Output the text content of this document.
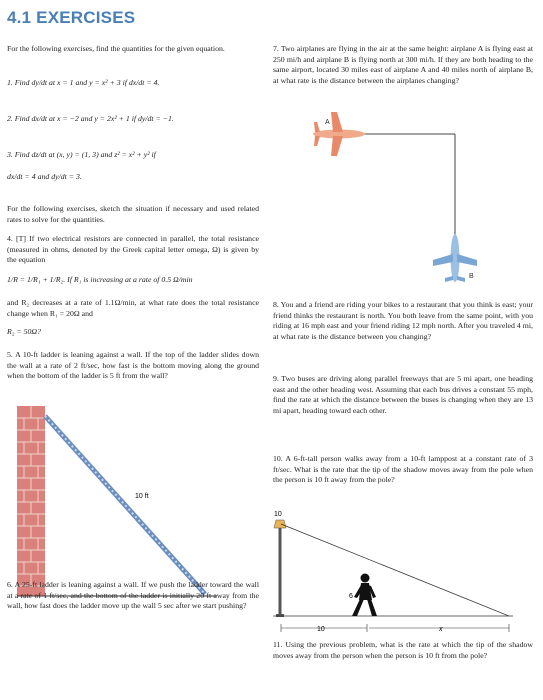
4.1 EXERCISES
For the following exercises, find the quantities for the given equation.
1. Find dy/dt at x = 1 and y = x² + 3 if dx/dt = 4.
2. Find dx/dt at x = −2 and y = 2x² + 1 if dy/dt = −1.
3. Find dz/dt at (x, y) = (1, 3) and z² = x² + y² if
dx/dt = 4 and dy/dt = 3.
For the following exercises, sketch the situation if necessary and used related rates to solve for the quantities.
4. [T] If two electrical resistors are connected in parallel, the total resistance (measured in ohms, denoted by the Greek capital letter omega, Ω) is given by the equation
1/R = 1/R₁ + 1/R₂. If R₁ is increasing at a rate of 0.5 Ω/min
and R₂ decreases at a rate of 1.1Ω/min, at what rate does the total resistance change when R₁ = 20Ω and
R₂ = 50Ω?
5. A 10-ft ladder is leaning against a wall. If the top of the ladder slides down the wall at a rate of 2 ft/sec, how fast is the bottom moving along the ground when the bottom of the ladder is 5 ft from the wall?
10 ft
6. A 25-ft ladder is leaning against a wall. If we push the ladder toward the wall at a rate of 1 ft/sec, and the bottom of the ladder is initially 20 ft away from the wall, how fast does the ladder move up the wall 5 sec after we start pushing?
7. Two airplanes are flying in the air at the same height: airplane A is flying east at 250 mi/h and airplane B is flying north at 300 mi/h. If they are both heading to the same airport, located 30 miles east of airplane A and 40 miles north of airplane B, at what rate is the distance between the airplanes changing?
A
B
8. You and a friend are riding your bikes to a restaurant that you think is east; your friend thinks the restaurant is north. You both leave from the same point, with you riding at 16 mph east and your friend riding 12 mph north. After you traveled 4 mi, at what rate is the distance between you changing?
9. Two buses are driving along parallel freeways that are 5 mi apart, one heading east and the other heading west. Assuming that each bus drives a constant 55 mph, find the rate at which the distance between the buses is changing when they are 13 mi apart, heading toward each other.
10. A 6-ft-tall person walks away from a 10-ft lamppost at a constant rate of 3 ft/sec. What is the rate that the tip of the shadow moves away from the pole when the person is 10 ft away from the pole?
10
6
10	x
11. Using the previous problem, what is the rate at which the tip of the shadow moves away from the person when the person is 10 ft from the pole?
